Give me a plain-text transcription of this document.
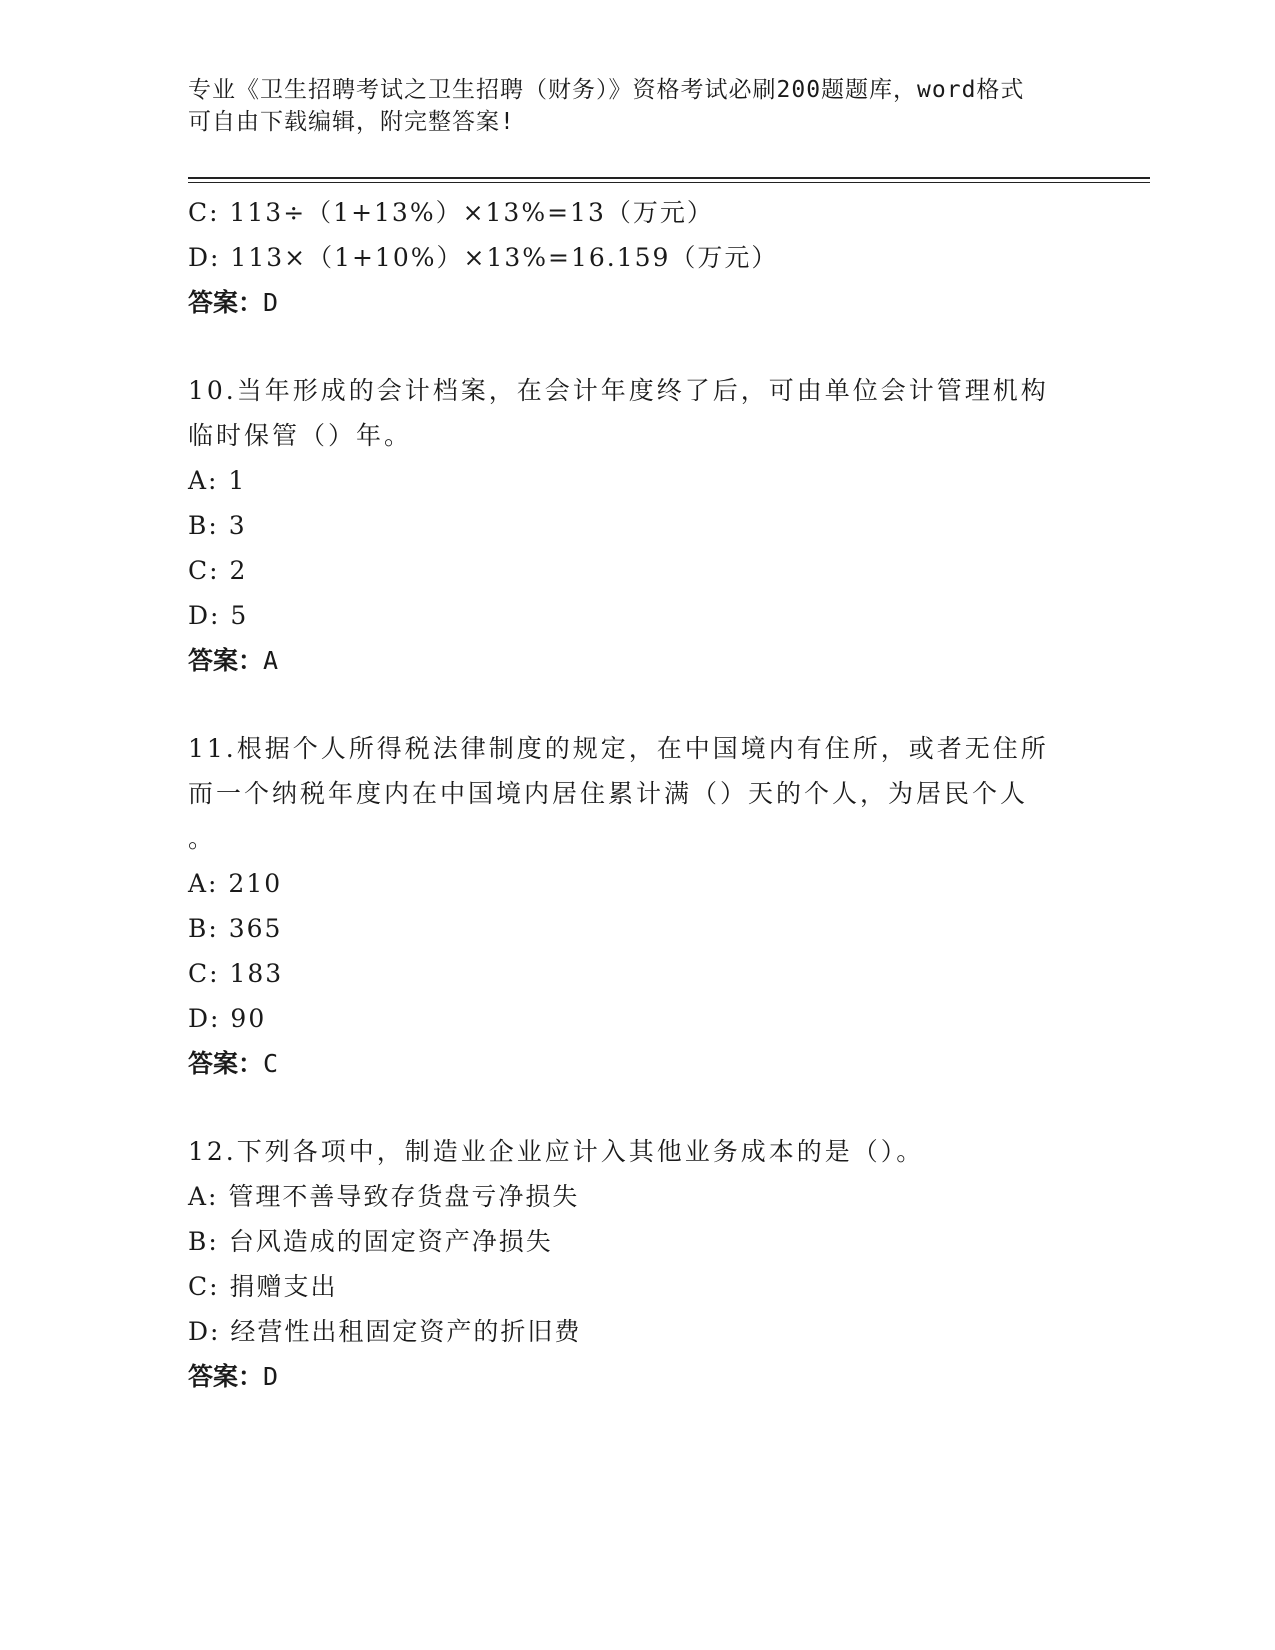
专业《卫生招聘考试之卫生招聘（财务）》资格考试必刷200题题库，word格式
可自由下载编辑，附完整答案!
C: 113÷（1+13%）×13%=13（万元）
D: 113×（1+10%）×13%=16.159（万元）
答案：D
10.当年形成的会计档案，在会计年度终了后，可由单位会计管理机构
临时保管（）年。
A: 1
B: 3
C: 2
D: 5
答案：A
11.根据个人所得税法律制度的规定，在中国境内有住所，或者无住所
而一个纳税年度内在中国境内居住累计满（）天的个人，为居民个人
。
A: 210
B: 365
C: 183
D: 90
答案：C
12.下列各项中，制造业企业应计入其他业务成本的是（）。
A: 管理不善导致存货盘亏净损失
B: 台风造成的固定资产净损失
C: 捐赠支出
D: 经营性出租固定资产的折旧费
答案：D
